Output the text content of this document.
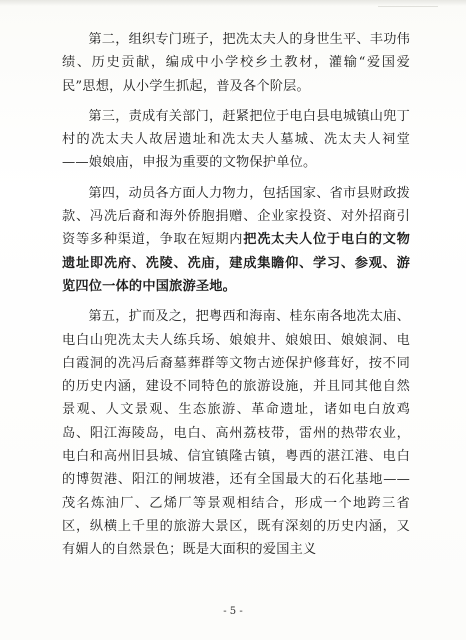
第二，组织专门班子，把冼太夫人的身世生平、丰功伟绩、历史贡献，编成中小学校乡土教材，灌输“爱国爱民”思想，从小学生抓起，普及各个阶层。

第三，责成有关部门，赶紧把位于电白县电城镇山兜丁村的冼太夫人故居遗址和冼太夫人墓城、冼太夫人祠堂——娘娘庙，申报为重要的文物保护单位。

第四，动员各方面人力物力，包括国家、省市县财政拨款、冯冼后裔和海外侨胞捐赠、企业家投资、对外招商引资等多种渠道，争取在短期内把冼太夫人位于电白的文物遗址即冼府、冼陵、冼庙，建成集瞻仰、学习、参观、游览四位一体的中国旅游圣地。

第五，扩而及之，把粤西和海南、桂东南各地冼太庙、电白山兜冼太夫人练兵场、娘娘井、娘娘田、娘娘洞、电白霞洞的冼冯后裔墓葬群等文物古迹保护修葺好，按不同的历史内涵，建设不同特色的旅游设施，并且同其他自然景观、人文景观、生态旅游、革命遗址，诸如电白放鸡岛、阳江海陵岛，电白、高州荔枝带，雷州的热带农业，电白和高州旧县城、信宜镇隆古镇，粤西的湛江港、电白的博贺港、阳江的闸坡港，还有全国最大的石化基地——茂名炼油厂、乙烯厂等景观相结合，形成一个地跨三省区，纵横上千里的旅游大景区，既有深刻的历史内涵，又有媚人的自然景色；既是大面积的爱国主义

- 5 -
